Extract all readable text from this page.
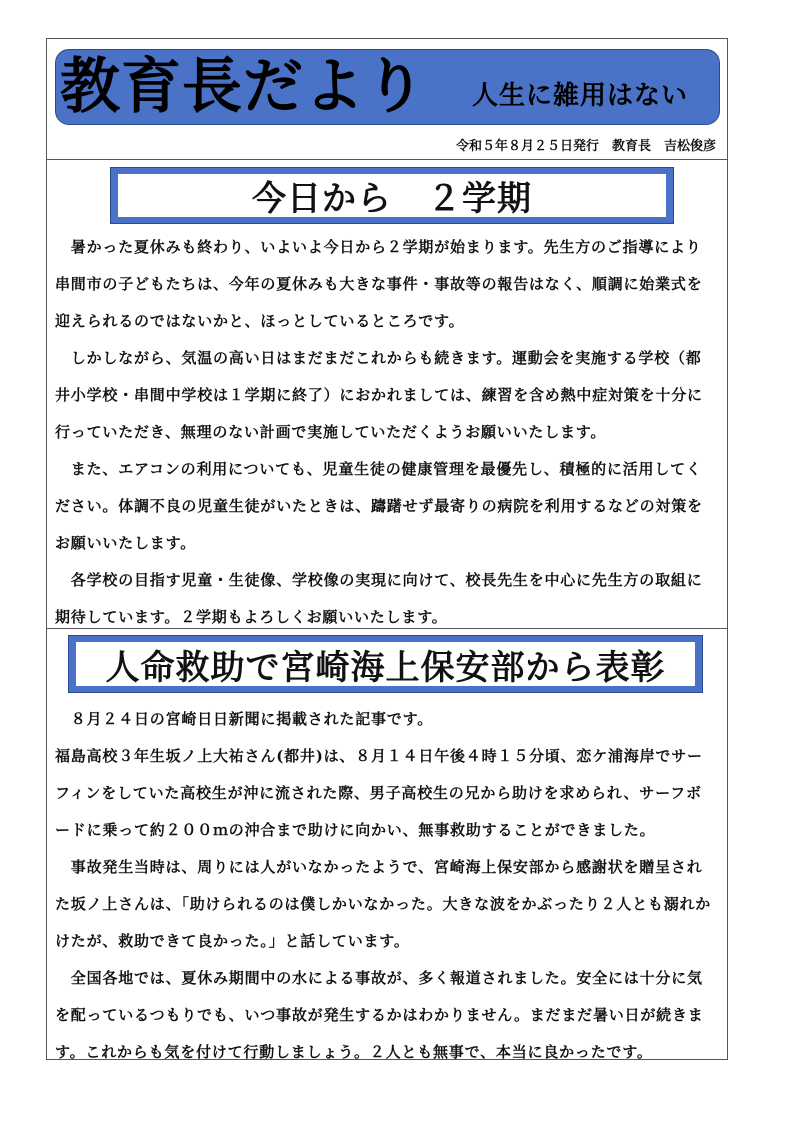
教育長だより 人生に雑用はない
令和５年８月２５日発行　教育長　吉松俊彦
今日から　２学期
　暑かった夏休みも終わり、いよいよ今日から２学期が始まります。先生方のご指導により
串間市の子どもたちは、今年の夏休みも大きな事件・事故等の報告はなく、順調に始業式を
迎えられるのではないかと、ほっとしているところです。
　しかしながら、気温の高い日はまだまだこれからも続きます。運動会を実施する学校（都
井小学校・串間中学校は１学期に終了）におかれましては、練習を含め熱中症対策を十分に
行っていただき、無理のない計画で実施していただくようお願いいたします。
　また、エアコンの利用についても、児童生徒の健康管理を最優先し、積極的に活用してく
ださい。体調不良の児童生徒がいたときは、躊躇せず最寄りの病院を利用するなどの対策を
お願いいたします。
　各学校の目指す児童・生徒像、学校像の実現に向けて、校長先生を中心に先生方の取組に
期待しています。２学期もよろしくお願いいたします。
人命救助で宮崎海上保安部から表彰
　８月２４日の宮崎日日新聞に掲載された記事です。
福島高校３年生坂ノ上大祐さん(都井)は、８月１４日午後４時１５分頃、恋ケ浦海岸でサー
フィンをしていた高校生が沖に流された際、男子高校生の兄から助けを求められ、サーフボ
ードに乗って約２００ｍの沖合まで助けに向かい、無事救助することができました。
　事故発生当時は、周りには人がいなかったようで、宮崎海上保安部から感謝状を贈呈され
た坂ノ上さんは、「助けられるのは僕しかいなかった。大きな波をかぶったり２人とも溺れか
けたが、救助できて良かった。」と話しています。
　全国各地では、夏休み期間中の水による事故が、多く報道されました。安全には十分に気
を配っているつもりでも、いつ事故が発生するかはわかりません。まだまだ暑い日が続きま
す。これからも気を付けて行動しましょう。２人とも無事で、本当に良かったです。
